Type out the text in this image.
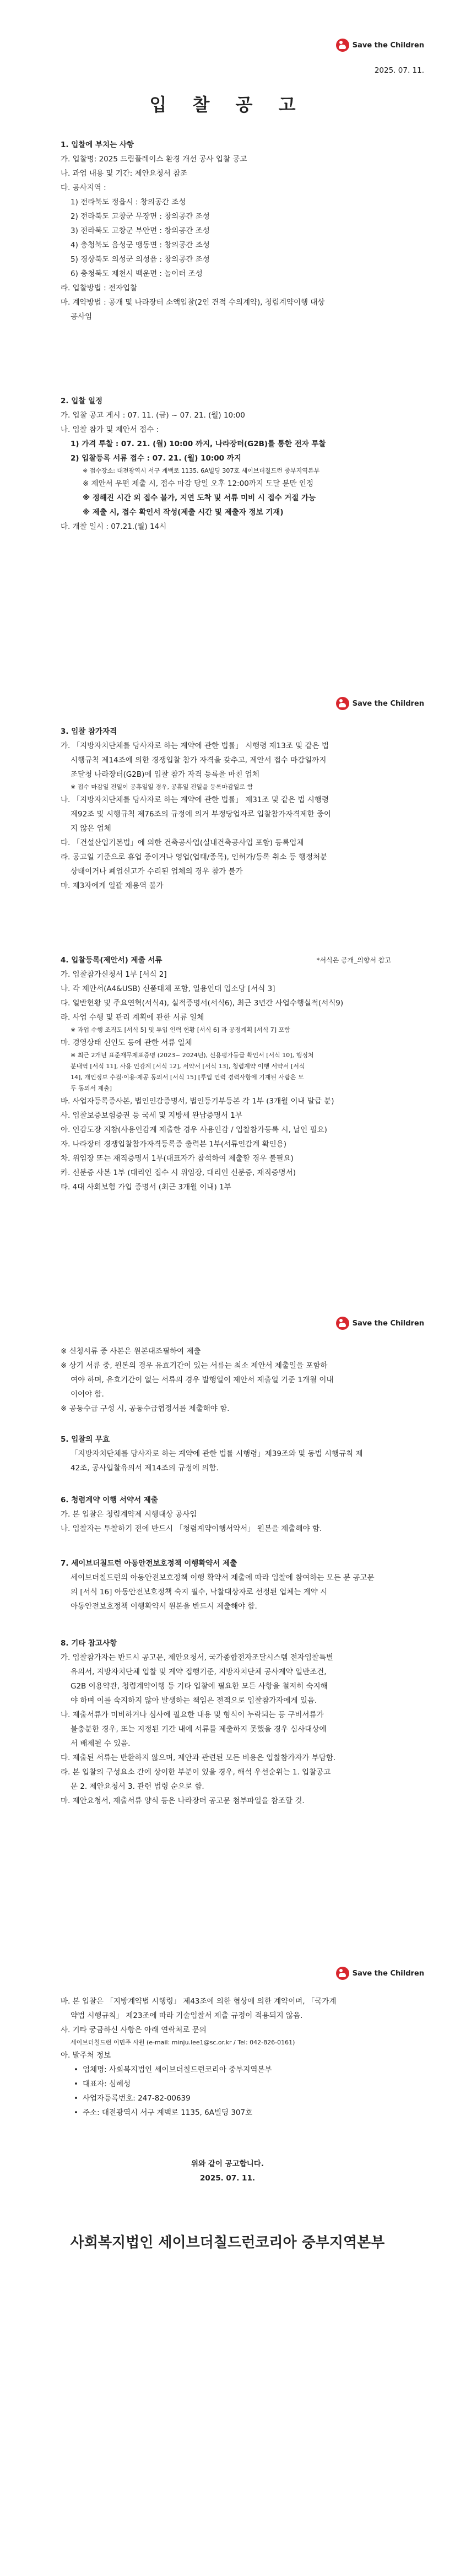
Save the Children
2025. 07. 11.
입 찰 공 고

1. 입찰에 부치는 사항

가. 입찰명: 2025 드림플레이스 환경 개선 공사 입찰 공고

나. 과업 내용 및 기간: 제안요청서 참조

다. 공사지역 :

1) 전라북도 정읍시 : 창의공간 조성

2) 전라북도 고창군 무장면 : 창의공간 조성

3) 전라북도 고창군 부안면 : 창의공간 조성

4) 충청북도 음성군 맹동면 : 창의공간 조성

5) 경상북도 의성군 의성읍 : 창의공간 조성

6) 충청북도 제천시 백운면 : 놀이터 조성

라. 입찰방법 : 전자입찰

마. 계약방법 : 공개 및 나라장터 소액입찰(2인 견적 수의계약), 청렴계약이행 대상

공사임

2. 입찰 일정

가. 입찰 공고 게시 : 07. 11. (금) ~ 07. 21. (월) 10:00

나. 입찰 참가 및 제안서 접수 :

1) 가격 투찰 : 07. 21. (월) 10:00 까지, 나라장터(G2B)를 통한 전자 투찰

2) 입찰등록 서류 접수 : 07. 21. (월) 10:00 까지

※ 접수장소: 대전광역시 서구 계백로 1135, 6A빌딩 307호 세이브더칠드런 중부지역본부

※ 제안서 우편 제출 시, 접수 마감 당일 오후 12:00까지 도달 분만 인정

※ 정해진 시간 외 접수 불가, 지연 도착 및 서류 미비 시 접수 거절 가능

※ 제출 시, 접수 확인서 작성(제출 시간 및 제출자 정보 기재)

다. 개찰 일시 : 07.21.(월) 14시

Save the Children

3. 입찰 참가자격

가. 「지방자치단체를 당사자로 하는 계약에 관한 법률」 시행령 제13조 및 같은 법

시행규칙 제14조에 의한 경쟁입찰 참가 자격을 갖추고, 제안서 접수 마감일까지

조달청 나라장터(G2B)에 입찰 참가 자격 등록을 마친 업체

※ 접수 마감일 전일이 공휴일일 경우, 공휴일 전일을 등록마감일로 함

나. 「지방자치단체를 당사자로 하는 계약에 관한 법률」 제31조 및 같은 법 시행령

제92조 및 시행규칙 제76조의 규정에 의거 부정당업자로 입찰참가자격제한 중이

지 않은 업체

다. 「건설산업기본법」에 의한 건축공사업(실내건축공사업 포함) 등록업체

라. 공고일 기준으로 휴업 중이거나 영업(업태/종목), 인허가/등록 취소 등 행정처분

상태이거나 폐업신고가 수리된 업체의 경우 참가 불가

마. 제3자에게 일괄 재용역 불가

4. 입찰등록(제안서) 제출 서류	*서식은 공개_의향서 참고

가. 입찰참가신청서 1부 [서식 2]

나. 각 제안서(A4&USB) 신품대체 포함, 일용인대 업소당 [서식 3]

다. 일반현황 및 주요연혁(서식4), 실적증명서(서식6), 최근 3년간 사업수행실적(서식9)

라. 사업 수행 및 관리 계획에 관한 서류 일체

※ 과업 수행 조직도 [서식 5] 및 투입 인력 현황 [서식 6] 과 공정계획 [서식 7] 포함

마. 경영상태 신인도 등에 관한 서류 일체

※ 최근 2개년 표준재무제표증명 (2023~ 2024년), 신용평가등급 확인서 [서식 10], 행정처

분내역 [서식 11], 사용 인감계 [서식 12], 서약서 [서식 13], 청렴계약 이행 서약서 [서식

14], 개인정보 수집·이용·제공 동의서 [서식 15] [투입 인력 경력사항에 기재된 사람은 모

두 동의서 제출]

바. 사업자등록증사본, 법인인감증명서, 법인등기부등본 각 1부 (3개월 이내 발급 분)

사. 입찰보증보험증권 등 국세 및 지방세 완납증명서 1부

아. 인감도장 지참(사용인감계 제출한 경우 사용인감 / 입찰참가등록 시, 날인 필요)

자. 나라장터 경쟁입찰참가자격등록증 출력본 1부(서류인감계 확인용)

차. 위임장 또는 재직증명서 1부(대표자가 참석하여 제출할 경우 불필요)

카. 신분증 사본 1부 (대리인 접수 시 위임장, 대리인 신분증, 재직증명서)

타. 4대 사회보험 가입 증명서 (최근 3개월 이내) 1부

Save the Children

※ 신청서류 중 사본은 원본대조필하여 제출

※ 상기 서류 중, 원본의 경우 유효기간이 있는 서류는 최소 제안서 제출일을 포함하

여야 하며, 유효기간이 없는 서류의 경우 발행일이 제안서 제출일 기준 1개월 이내

이어야 함.

※ 공동수급 구성 시, 공동수급협정서를 제출해야 함.

5. 입찰의 무효

「지방자치단체를 당사자로 하는 계약에 관한 법률 시행령」제39조와 및 동법 시행규칙 제

42조, 공사입찰유의서 제14조의 규정에 의함.

6. 청렴계약 이행 서약서 제출

가. 본 입찰은 청렴계약제 시행대상 공사임

나. 입찰자는 투찰하기 전에 반드시 「청렴계약이행서약서」 원본을 제출해야 함.

7. 세이브더칠드런 아동안전보호정책 이행확약서 제출

세이브더칠드런의 아동안전보호정책 이행 확약서 제출에 따라 입찰에 참여하는 모든 분 공고문

의 [서식 16] 아동안전보호정책 숙지 필수, 낙찰대상자로 선정된 업체는 계약 시

아동안전보호정책 이행확약서 원본을 반드시 제출해야 함.

8. 기타 참고사항

가. 입찰참가자는 반드시 공고문, 제안요청서, 국가종합전자조달시스템 전자입찰특별

유의서, 지방자치단체 입찰 및 계약 집행기준, 지방자치단체 공사계약 일반조건,

G2B 이용약관, 청렴계약이행 등 기타 입찰에 필요한 모든 사항을 철저히 숙지해

야 하며 이를 숙지하지 않아 발생하는 책임은 전적으로 입찰참가자에게 있음.

나. 제출서류가 미비하거나 심사에 필요한 내용 및 형식이 누락되는 등 구비서류가

불충분한 경우, 또는 지정된 기간 내에 서류를 제출하지 못했을 경우 심사대상에

서 배제될 수 있음.

다. 제출된 서류는 반환하지 않으며, 제안과 관련된 모든 비용은 입찰참가자가 부담함.

라. 본 입찰의 구성요소 간에 상이한 부분이 있을 경우, 해석 우선순위는 1. 입찰공고

문 2. 제안요청서 3. 관련 법령 순으로 함.

마. 제안요청서, 제출서류 양식 등은 나라장터 공고문 첨부파일을 참조할 것.

Save the Children

바. 본 입찰은 「지방계약법 시행령」 제43조에 의한 협상에 의한 계약이며, 「국가계

약법 시행규칙」 제23조에 따라 기술입찰서 제출 규정이 적용되지 않음.

사. 기타 궁금하신 사항은 아래 연락처로 문의

세이브더칠드런 이민주 사원 (e-mail: minju.lee1@sc.or.kr / Tel: 042-826-0161)

아. 발주처 정보

• 업체명: 사회복지법인 세이브더칠드런코리아 중부지역본부

• 대표자: 심혜성

• 사업자등록번호: 247-82-00639

• 주소: 대전광역시 서구 계백로 1135, 6A빌딩 307호

위와 같이 공고합니다.

2025. 07. 11.

사회복지법인 세이브더칠드런코리아 중부지역본부
